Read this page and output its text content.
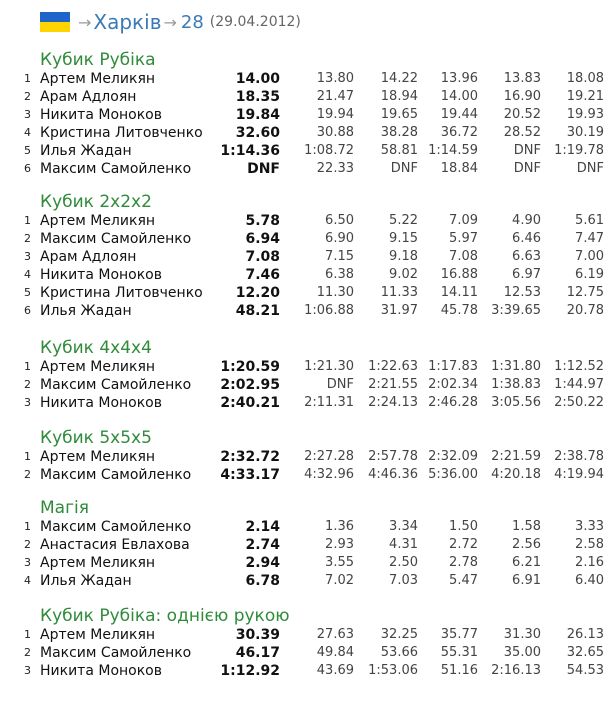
→ Харків → 28 (29.04.2012)
Кубик Рубіка
1 Артем Меликян	14.00	13.80 14.22 13.96 13.83 18.08
2 Арам Адлоян	18.35	21.47 18.94 14.00 16.90 19.21
3 Никита Моноков	19.84	19.94 19.65 19.44 20.52 19.93
4 Кристина Литовченко 32.60	30.88 38.28 36.72 28.52 30.19
5 Илья Жадан	1:14.36 1:08.72 58.81 1:14.59	DNF 1:19.78
6 Максим Самойленко	DNF	22.33	DNF 18.84	DNF	DNF
Кубик 2x2x2
1 Артем Меликян	5.78	6.50	5.22 7.09	4.90	5.61
2 Максим Самойленко	6.94	6.90	9.15 5.97	6.46	7.47
3 Арам Адлоян	7.08	7.15	9.18 7.08	6.63	7.00
4 Никита Моноков	7.46	6.38	9.02 16.88	6.97	6.19
5 Кристина Литовченко 12.20	11.30 11.33 14.11 12.53 12.75
6 Илья Жадан	48.21 1:06.88 31.97 45.78 3:39.65 20.78
Кубик 4x4x4
1 Артем Меликян	1:20.59 1:21.30 1:22.63 1:17.83 1:31.80 1:12.52
2 Максим Самойленко 2:02.95	DNF 2:21.55 2:02.34 1:38.83 1:44.97
3 Никита Моноков	2:40.21 2:11.31 2:24.13 2:46.28 3:05.56 2:50.22
Кубик 5x5x5
1 Артем Меликян	2:32.72 2:27.28 2:57.78 2:32.09 2:21.59 2:38.78
2 Максим Самойленко 4:33.17 4:32.96 4:46.36 5:36.00 4:20.18 4:19.94
Магія
1 Максим Самойленко	2.14	1.36	3.34 1.50	1.58	3.33
2 Анастасия Евлахова	2.74	2.93	4.31 2.72	2.56	2.58
3 Артем Меликян	2.94	3.55	2.50 2.78	6.21	2.16
4 Илья Жадан	6.78	7.02	7.03 5.47	6.91	6.40
Кубик Рубіка: однією рукою
1 Артем Меликян	30.39	27.63 32.25 35.77 31.30 26.13
2 Максим Самойленко	46.17	49.84 53.66 55.31 35.00 32.65
3 Никита Моноков	1:12.92	43.69 1:53.06 51.16 2:16.13 54.53
